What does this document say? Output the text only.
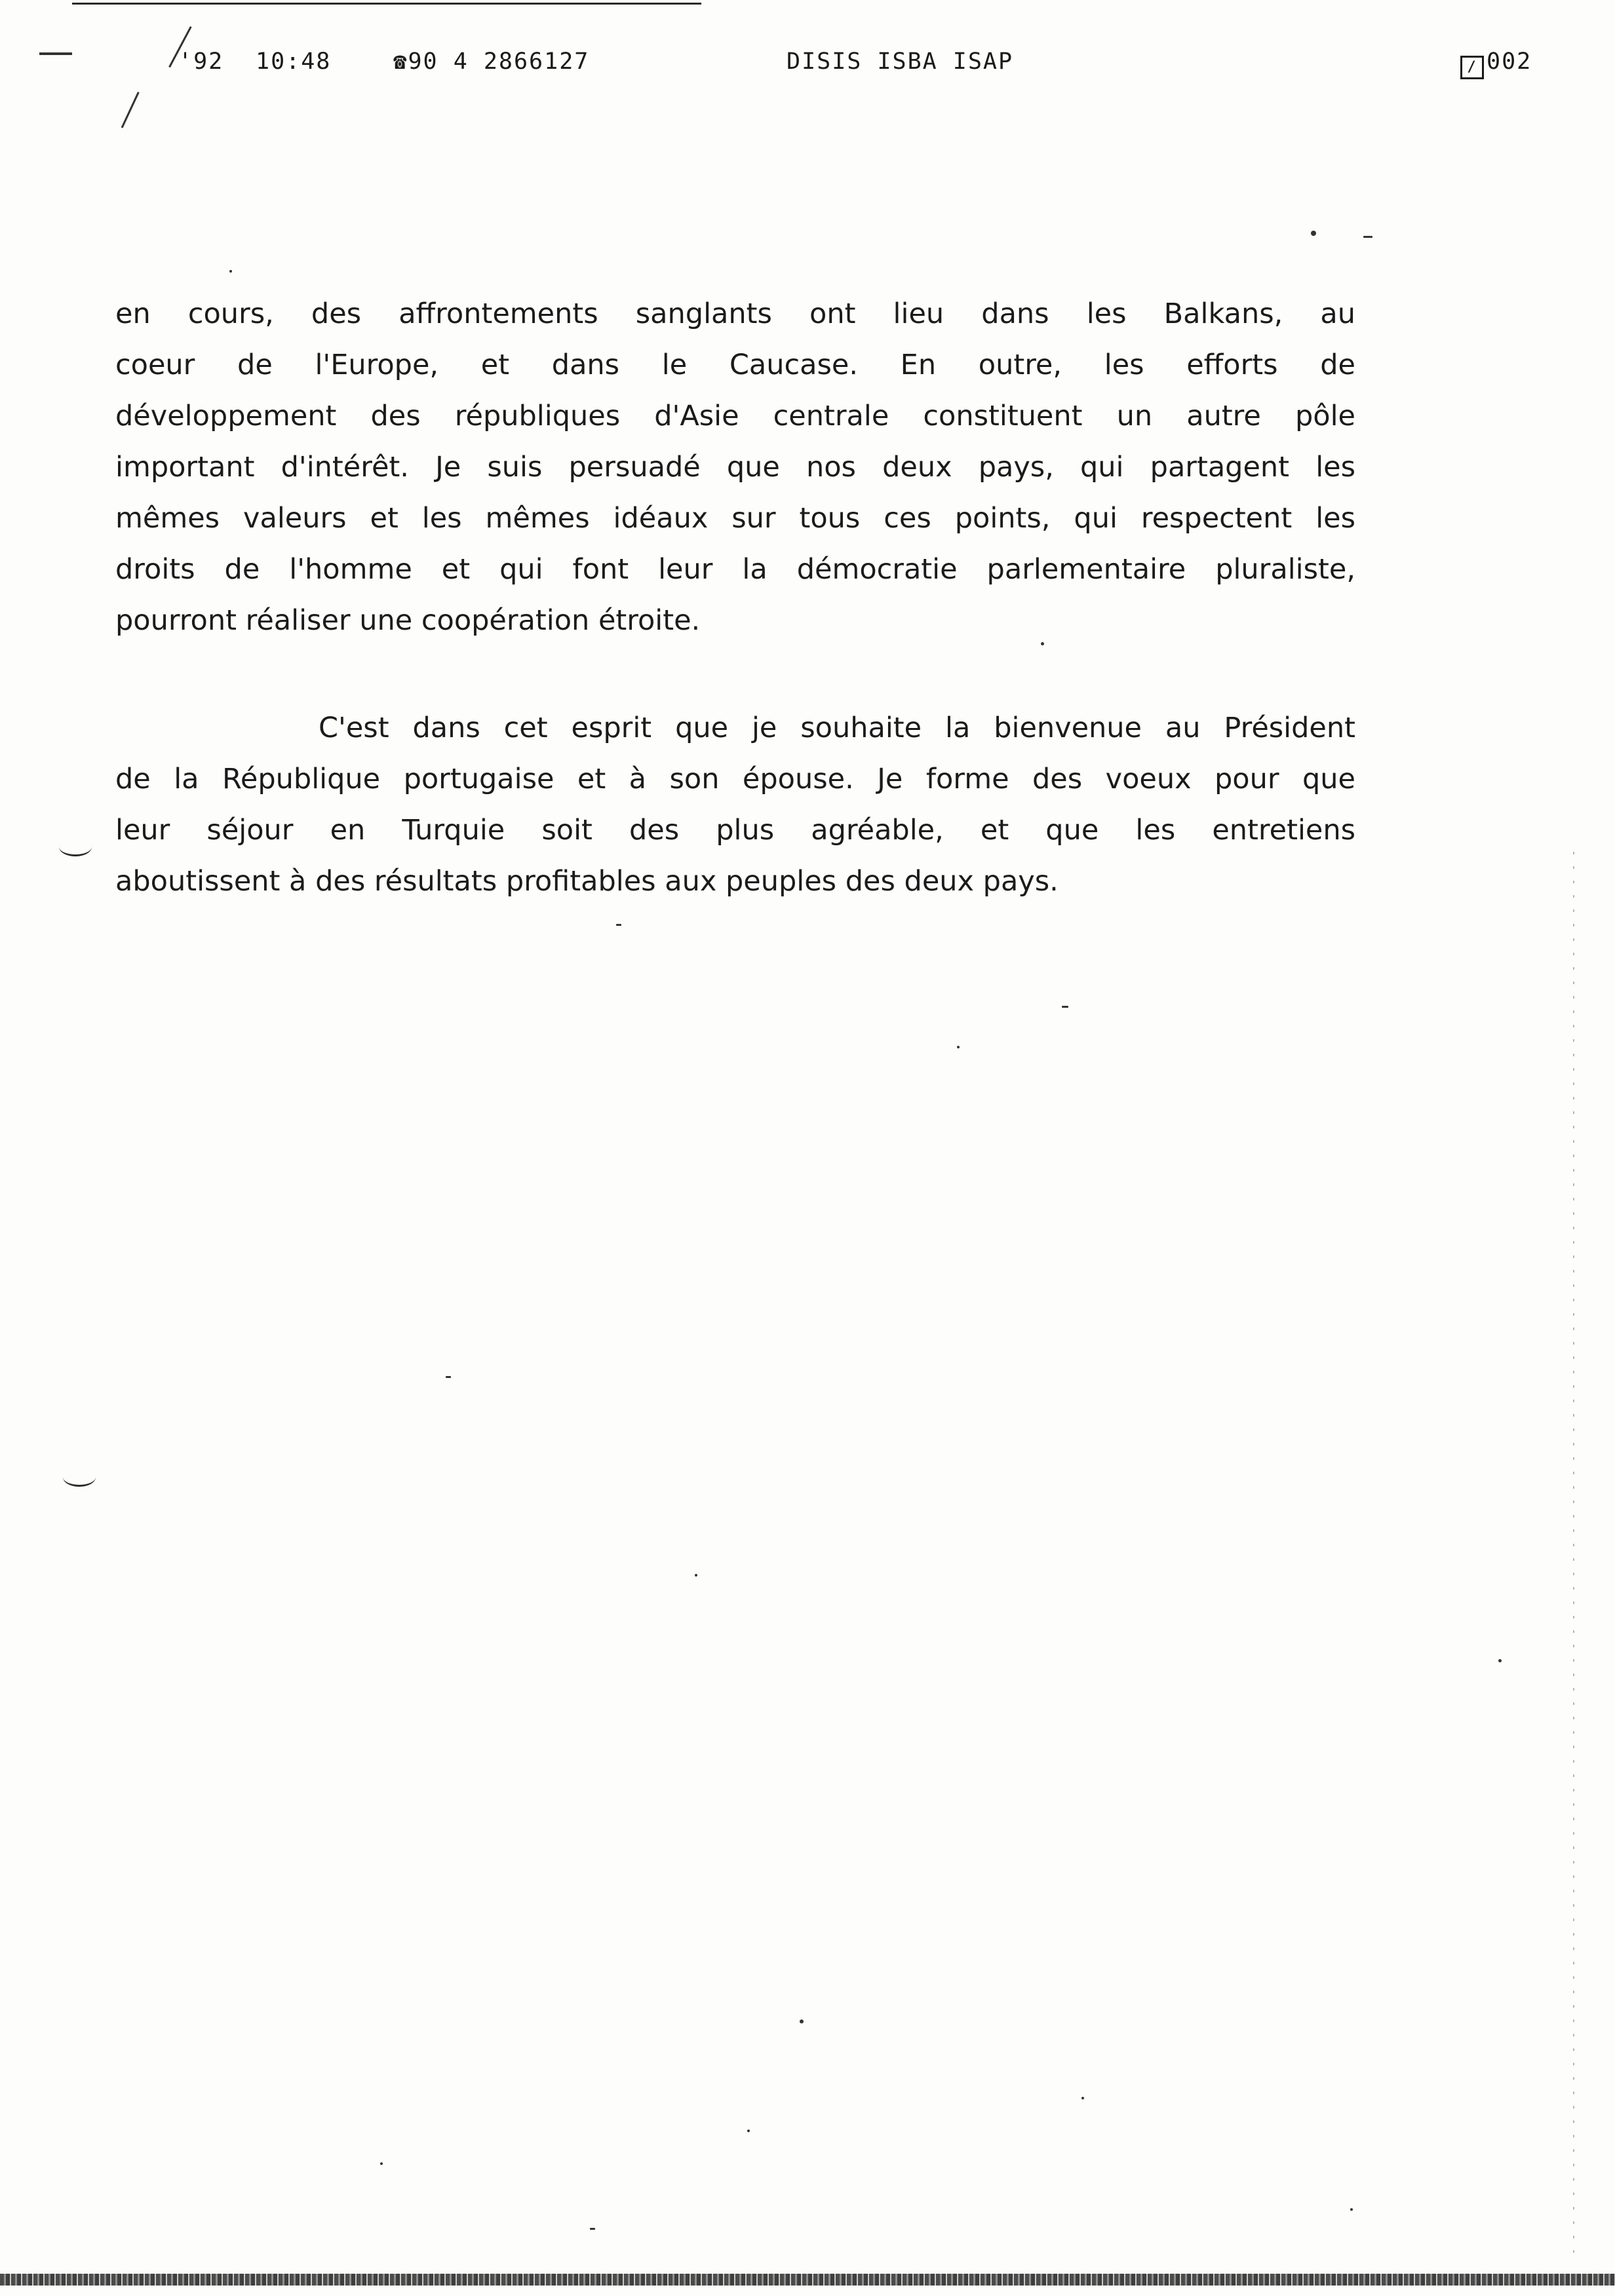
'92 10:48	☎90 4 2866127	DISIS ISBA ISAP	/ 002
en cours, des affrontements sanglants ont lieu dans les Balkans, au
coeur de l'Europe, et dans le Caucase. En outre, les efforts de
développement des républiques d'Asie centrale constituent un autre pôle
important d'intérêt. Je suis persuadé que nos deux pays, qui partagent les
mêmes valeurs et les mêmes idéaux sur tous ces points, qui respectent les
droits de l'homme et qui font leur la démocratie parlementaire pluraliste,
pourront réaliser une coopération étroite.
C'est dans cet esprit que je souhaite la bienvenue au Président
de la République portugaise et à son épouse. Je forme des voeux pour que
leur séjour en Turquie soit des plus agréable, et que les entretiens
aboutissent à des résultats profitables aux peuples des deux pays.
